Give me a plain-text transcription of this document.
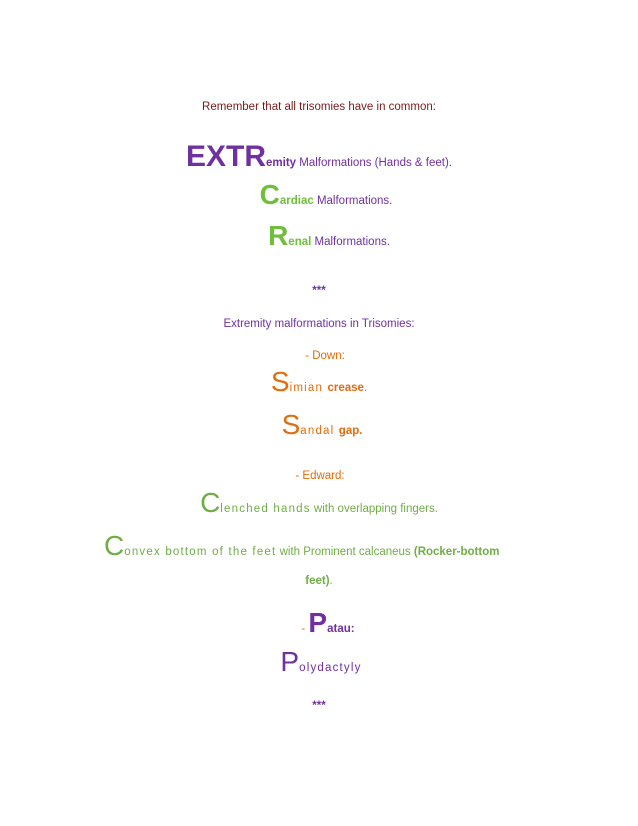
Remember that all trisomies have in common:
EXTRemity Malformations (Hands & feet).
Cardiac Malformations.
Renal Malformations.
***
Extremity malformations in Trisomies:
- Down:
Simian crease.
Sandal gap.
- Edward:
Clenched hands with overlapping fingers.
Convex bottom of the feet with Prominent calcaneus (Rocker-bottom
feet).
- Patau:
Polydactyly
***
